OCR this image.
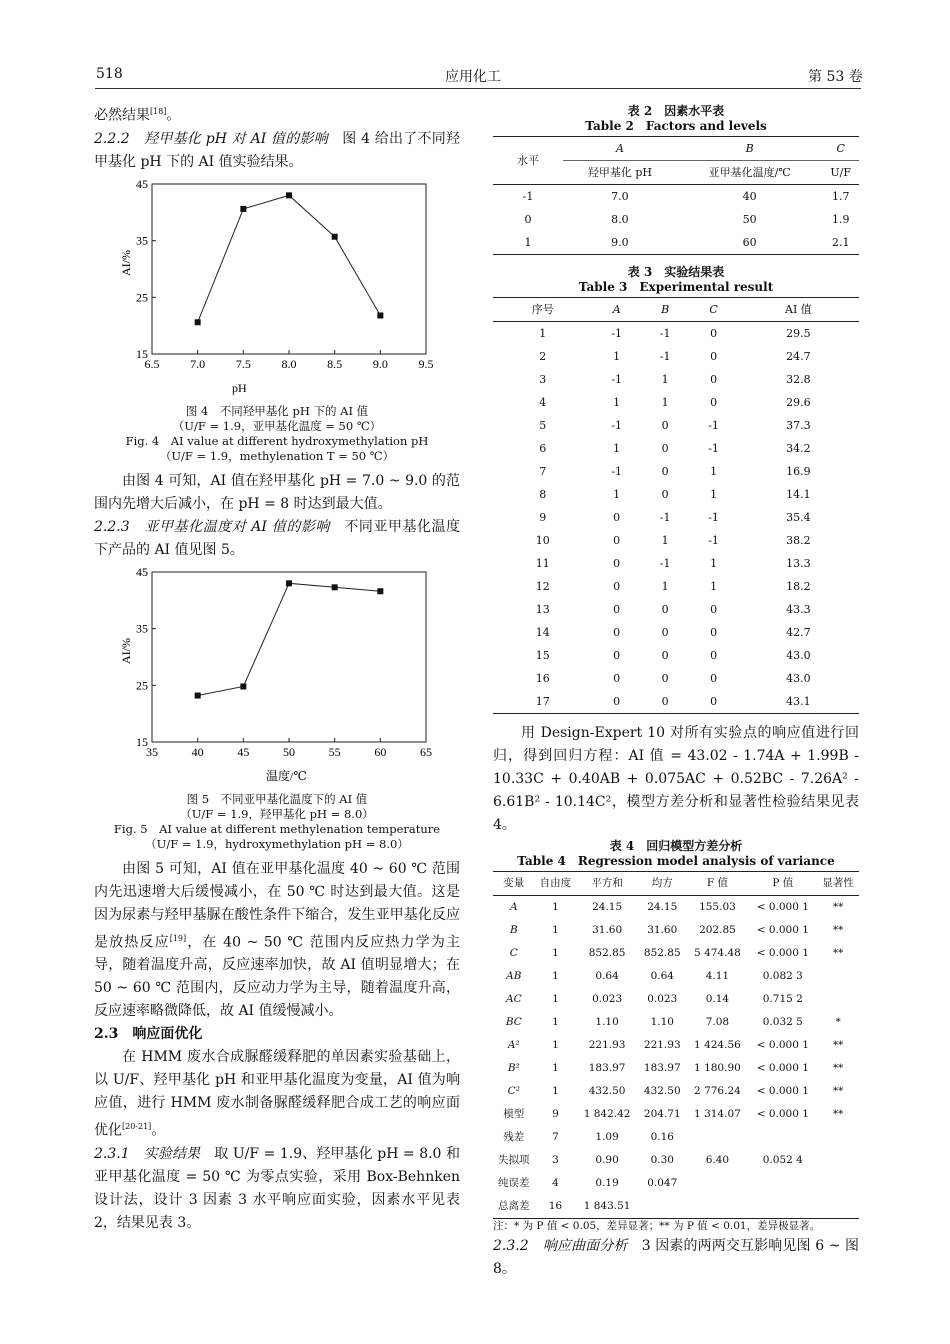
518	应用化工	第 53 卷

必然结果[18]。

2.2.2　羟甲基化 pH 对 AI 值的影响　图 4 给出了不同羟甲基化 pH 下的 AI 值实验结果。

pH
AI/%
6.5	7.0	7.5	8.0	8.5	9.0	9.5
15
25
35
45
图 4　不同羟甲基化 pH 下的 AI 值
（U/F = 1.9，亚甲基化温度 = 50 ℃）
Fig. 4　AI value at different hydroxymethylation pH
（U/F = 1.9，methylenation T = 50 ℃）

由图 4 可知，AI 值在羟甲基化 pH = 7.0 ~ 9.0 的范围内先增大后减小，在 pH = 8 时达到最大值。

2.2.3　亚甲基化温度对 AI 值的影响　不同亚甲基化温度下产品的 AI 值见图 5。

温度/℃
AI/%
35	40	45	50	55	60	65
15
25
35
45
图 5　不同亚甲基化温度下的 AI 值
（U/F = 1.9，羟甲基化 pH = 8.0）
Fig. 5　AI value at different methylenation temperature
（U/F = 1.9，hydroxymethylation pH = 8.0）

由图 5 可知，AI 值在亚甲基化温度 40 ~ 60 ℃ 范围内先迅速增大后缓慢减小，在 50 ℃ 时达到最大值。这是因为尿素与羟甲基脲在酸性条件下缩合，发生亚甲基化反应是放热反应[19]，在 40 ~ 50 ℃ 范围内反应热力学为主导，随着温度升高，反应速率加快，故 AI 值明显增大；在 50 ~ 60 ℃ 范围内，反应动力学为主导，随着温度升高，反应速率略微降低，故 AI 值缓慢减小。

2.3　响应面优化

在 HMM 废水合成脲醛缓释肥的单因素实验基础上，以 U/F、羟甲基化 pH 和亚甲基化温度为变量，AI 值为响应值，进行 HMM 废水制备脲醛缓释肥合成工艺的响应面优化[20-21]。

2.3.1　实验结果　取 U/F = 1.9、羟甲基化 pH = 8.0 和亚甲基化温度 = 50 ℃ 为零点实验，采用 Box-Behnken 设计法，设计 3 因素 3 水平响应面实验，因素水平见表 2，结果见表 3。

表 2　因素水平表
Table 2　Factors and levels
水平	A	B	C
	羟甲基化 pH	亚甲基化温度/℃	U/F
-1	7.0	40	1.7
0	8.0	50	1.9
1	9.0	60	2.1
表 3　实验结果表
Table 3　Experimental result
序号	A	B	C	AI 值
1	-1	-1	0	29.5
2	1	-1	0	24.7
3	-1	1	0	32.8
4	1	1	0	29.6
5	-1	0	-1	37.3
6	1	0	-1	34.2
7	-1	0	1	16.9
8	1	0	1	14.1
9	0	-1	-1	35.4
10	0	1	-1	38.2
11	0	-1	1	13.3
12	0	1	1	18.2
13	0	0	0	43.3
14	0	0	0	42.7
15	0	0	0	43.0
16	0	0	0	43.0
17	0	0	0	43.1

用 Design-Expert 10 对所有实验点的响应值进行回归，得到回归方程：AI 值 = 43.02 - 1.74A + 1.99B - 10.33C + 0.40AB + 0.075AC + 0.52BC - 7.26A² - 6.61B² - 10.14C²，模型方差分析和显著性检验结果见表 4。

表 4　回归模型方差分析
Table 4　Regression model analysis of variance
变量	自由度	平方和	均方	F 值	P 值	显著性
A	1	24.15	24.15	155.03	< 0.000 1	**
B	1	31.60	31.60	202.85	< 0.000 1	**
C	1	852.85	852.85	5 474.48	< 0.000 1	**
AB	1	0.64	0.64	4.11	0.082 3	
AC	1	0.023	0.023	0.14	0.715 2	
BC	1	1.10	1.10	7.08	0.032 5	*
A²	1	221.93	221.93	1 424.56	< 0.000 1	**
B²	1	183.97	183.97	1 180.90	< 0.000 1	**
C²	1	432.50	432.50	2 776.24	< 0.000 1	**
模型	9	1 842.42	204.71	1 314.07	< 0.000 1	**
残差	7	1.09	0.16			
失拟项	3	0.90	0.30	6.40	0.052 4	
纯误差	4	0.19	0.047			
总离差	16	1 843.51				
注：* 为 P 值 < 0.05，差异显著；** 为 P 值 < 0.01，差异极显著。

2.3.2　响应曲面分析　3 因素的两两交互影响见图 6 ~ 图 8。
